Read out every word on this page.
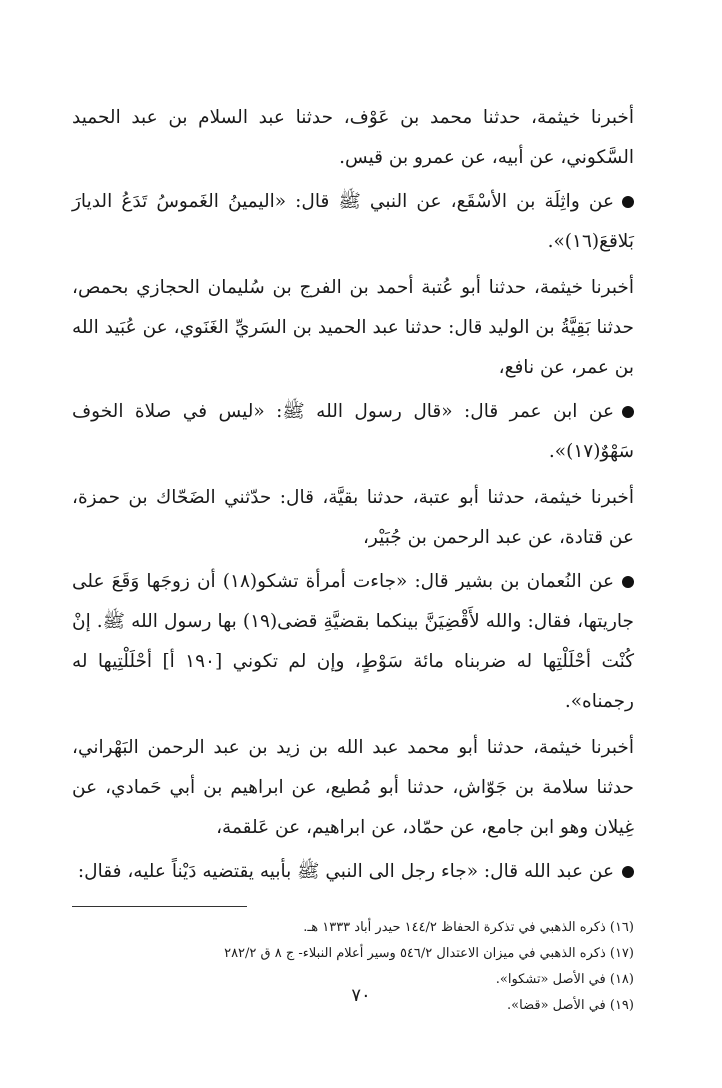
أخبرنا خيثمة، حدثنا محمد بن عَوْف، حدثنا عبد السلام بن عبد الحميد السَّكوني، عن أبيه، عن عمرو بن قيس.

عن واثِلَة بن الأسْقَع، عن النبي ﷺ قال: «اليمينُ الغَموسُ تَدَعُ الديارَ بَلاقعَ(١٦)».

أخبرنا خيثمة، حدثنا أبو عُتبة أحمد بن الفرج بن سُليمان الحجازي بحمص، حدثنا بَقِيَّةُ بن الوليد قال: حدثنا عبد الحميد بن السَريِّ الغَنَوي، عن عُبَيد الله بن عمر، عن نافع،

عن ابن عمر قال: «قال رسول الله ﷺ: «ليس في صلاة الخوف سَهْوٌ(١٧)».

أخبرنا خيثمة، حدثنا أبو عتبة، حدثنا بقيَّة، قال: حدّثني الضَحّاك بن حمزة، عن قتادة، عن عبد الرحمن بن جُبَيْر،

عن النُعمان بن بشير قال: «جاءت أمرأة تشكو(١٨) أن زوجَها وَقَعَ على جاريتها، فقال: والله لأَقْضِيَنَّ بينكما بقضيَّةِ قضى(١٩) بها رسول الله ﷺ. إنْ كُنْت أحْلَلْتِها له ضربناه مائة سَوْطٍ، وإن لم تكوني [١٩٠ أ] أحْلَلْتِيها له رجمناه».

أخبرنا خيثمة، حدثنا أبو محمد عبد الله بن زيد بن عبد الرحمن البَهْراني، حدثنا سلامة بن جَوّاش، حدثنا أبو مُطيع، عن ابراهيم بن أبي حَمادي، عن غِيلان وهو ابن جامع، عن حمّاد، عن ابراهيم، عن عَلقمة،

عن عبد الله قال: «جاء رجل الى النبي ﷺ بأبيه يقتضيه دَيْناً عليه، فقال:

(١٦) ذكره الذهبي في تذكرة الحفاظ ١٤٤/٢ حيدر أباد ١٣٣٣ هـ.

(١٧) ذكره الذهبي في ميزان الاعتدال ٥٤٦/٢ وسير أعلام النبلاء- ج ٨ ق ٢٨٢/٢

(١٨) في الأصل «تشكوا».

(١٩) في الأصل «قضا».

٧٠
